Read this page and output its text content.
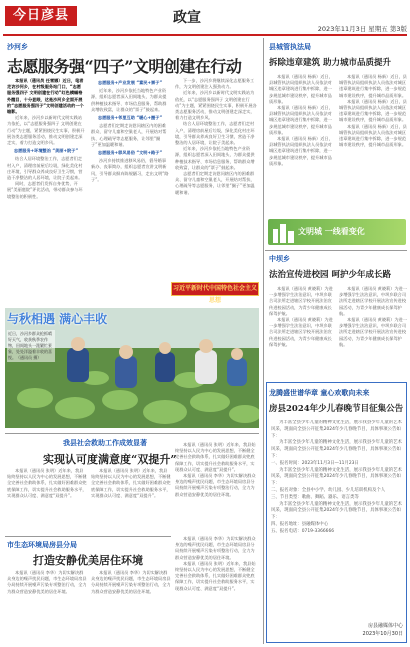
今日彦县	政宣
2023年11月3日 星期五 第3版
沙河乡
志愿服务强“四子”文明创建在行动

本报讯（通讯员 任雪娜）近日，笔者走访沙河乡，在村级服务站门口，“志愿服务强四子 文明创建在行动”红色横幅格外醒目，十分显眼，这是沙河乡全面开展的“志愿服务强四子”文明创建活动的一个缩影。

近年来，沙河乡以新时代文明实践站为依托，以“志愿服务强四子 文明创建在行动”为主题，紧紧围绕民生实事，积极开展各类志愿服务活动，推动文明创建走深走实，着力打造文明乡风。

志愿服务+环境整治 “美丽+院子”

结合人居环境整治工作，志愿者们走村入户，清理房前屋后垃圾，绿化美化村庄环境，引导群众养成良好卫生习惯，营造干净整洁的人居环境，让院子美起来。

同时，志愿者们发挥自身优势，开展“美丽庭院”评比活动，带动群众参与环境整治的积极性。

志愿服务+产业发展 “富民+票子”

近年来，沙河乡依托当地特色产业资源，组织志愿者深入田间地头，为群众提供种植技术指导、市场信息服务，帮助群众增收致富，让群众的“票子”鼓起来。

志愿服务+邻里互助 “暖心+圈子”

志愿者们定期走访慰问辖区内的困难群众、留守儿童和空巢老人，开展结对帮扶、心理疏导等志愿服务，让邻里“圈子”更加温暖和谐。

志愿服务+移风易俗 “文明+路子”

沙河乡持续推进移风易俗，倡导婚事新办、丧事简办，组织志愿者宣讲文明新风，引导群众摒弃陈规陋习，走出文明“路子”。

下一步，沙河乡将继续深化志愿服务工作，为文明创建注入强劲动力。

近年来，沙河乡以新时代文明实践站为依托，以“志愿服务强四子 文明创建在行动”为主题，紧紧围绕民生实事，积极开展各类志愿服务活动，推动文明创建走深走实，着力打造文明乡风。

结合人居环境整治工作，志愿者们走村入户，清理房前屋后垃圾，绿化美化村庄环境，引导群众养成良好卫生习惯，营造干净整洁的人居环境，让院子美起来。

近年来，沙河乡依托当地特色产业资源，组织志愿者深入田间地头，为群众提供种植技术指导、市场信息服务，帮助群众增收致富，让群众的“票子”鼓起来。

志愿者们定期走访慰问辖区内的困难群众、留守儿童和空巢老人，开展结对帮扶、心理疏导等志愿服务，让邻里“圈子”更加温暖和谐。

习近平新时代中国特色社会主义思想
与秋相遇 满心丰收
近日，沙河乡群众抢抓晴好天气，收获秋季农作物，田间地头一派繁忙景象，处处洋溢着丰收的喜悦。（通讯员 摄）
我县社会救助工作成效显著
实现认可度满意度“双提升”

本报讯（通讯员 张明）近年来，我县始终坚持以人民为中心的发展思想，不断健全完善社会救助体系，扎实做好困难群众兜底保障工作，切实提升社会救助服务水平，实现群众认可度、满意度“双提升”。

本报讯（通讯员 张明）近年来，我县始终坚持以人民为中心的发展思想，不断健全完善社会救助体系，扎实做好困难群众兜底保障工作，切实提升社会救助服务水平，实现群众认可度、满意度“双提升”。

本报讯（通讯员 张明）近年来，我县始终坚持以人民为中心的发展思想，不断健全完善社会救助体系，扎实做好困难群众兜底保障工作，切实提升社会救助服务水平，实现群众认可度、满意度“双提升”。

本报讯（通讯员 李华）为切实解决群众身边的噪声扰民问题，市生态环境局房县分局持续开展噪声污染专项整治行动，全力为群众营造安静优美的居住环境。

市生态环境局房县分局
打造安静优美居住环境

本报讯（通讯员 李华）为切实解决群众身边的噪声扰民问题，市生态环境局房县分局持续开展噪声污染专项整治行动，全力为群众营造安静优美的居住环境。

本报讯（通讯员 李华）为切实解决群众身边的噪声扰民问题，市生态环境局房县分局持续开展噪声污染专项整治行动，全力为群众营造安静优美的居住环境。

本报讯（通讯员 李华）为切实解决群众身边的噪声扰民问题，市生态环境局房县分局持续开展噪声污染专项整治行动，全力为群众营造安静优美的居住环境。

本报讯（通讯员 张明）近年来，我县始终坚持以人民为中心的发展思想，不断健全完善社会救助体系，扎实做好困难群众兜底保障工作，切实提升社会救助服务水平，实现群众认可度、满意度“双提升”。

县城管执法局
拆除违章建筑 助力城市品质提升

本报讯（通讯员 杨新）近日，县城管执法局组织执法人员依法对城区违章建筑进行集中拆除，进一步规范城市建设秩序，提升城市品质形象。

本报讯（通讯员 杨新）近日，县城管执法局组织执法人员依法对城区违章建筑进行集中拆除，进一步规范城市建设秩序，提升城市品质形象。

本报讯（通讯员 杨新）近日，县城管执法局组织执法人员依法对城区违章建筑进行集中拆除，进一步规范城市建设秩序，提升城市品质形象。

本报讯（通讯员 杨新）近日，县城管执法局组织执法人员依法对城区违章建筑进行集中拆除，进一步规范城市建设秩序，提升城市品质形象。

本报讯（通讯员 杨新）近日，县城管执法局组织执法人员依法对城区违章建筑进行集中拆除，进一步规范城市建设秩序，提升城市品质形象。

本报讯（通讯员 杨新）近日，县城管执法局组织执法人员依法对城区违章建筑进行集中拆除，进一步规范城市建设秩序，提升城市品质形象。

文明城 一线看变化
中坝乡
法治宣传进校园 呵护少年成长路

本报讯（通讯员 黄晓莉）为进一步增强学生法治意识，中坝乡联合司法所走进辖区学校开展法治宣传进校园活动，为青少年健康成长保驾护航。

本报讯（通讯员 黄晓莉）为进一步增强学生法治意识，中坝乡联合司法所走进辖区学校开展法治宣传进校园活动，为青少年健康成长保驾护航。

本报讯（通讯员 黄晓莉）为进一步增强学生法治意识，中坝乡联合司法所走进辖区学校开展法治宣传进校园活动，为青少年健康成长保驾护航。

本报讯（通讯员 黄晓莉）为进一步增强学生法治意识，中坝乡联合司法所走进辖区学校开展法治宣传进校园活动，为青少年健康成长保驾护航。

龙腾盛世谱华章 童心欢歌向未来
房县2024年少儿春晚节目征集公告

为丰富全县少年儿童的精神文化生活，展示我县少年儿童的艺术风采，现面向全县公开征集2024年少儿春晚节目，具体事项公告如下：

为丰富全县少年儿童的精神文化生活，展示我县少年儿童的艺术风采，现面向全县公开征集2024年少儿春晚节目，具体事项公告如下：

一、报名时间：2023年11月3日—11月23日

为丰富全县少年儿童的精神文化生活，展示我县少年儿童的艺术风采，现面向全县公开征集2024年少儿春晚节目，具体事项公告如下：

二、报名对象：全县中小学、幼儿园、少儿培训机构及个人

三、节目类型：歌曲、舞蹈、器乐、语言类等

为丰富全县少年儿童的精神文化生活，展示我县少年儿童的艺术风采，现面向全县公开征集2024年少儿春晚节目，具体事项公告如下：

四、报名地址：县融媒体中心

五、报名电话：0719-3366666

房县融媒体中心
2023年10月30日
